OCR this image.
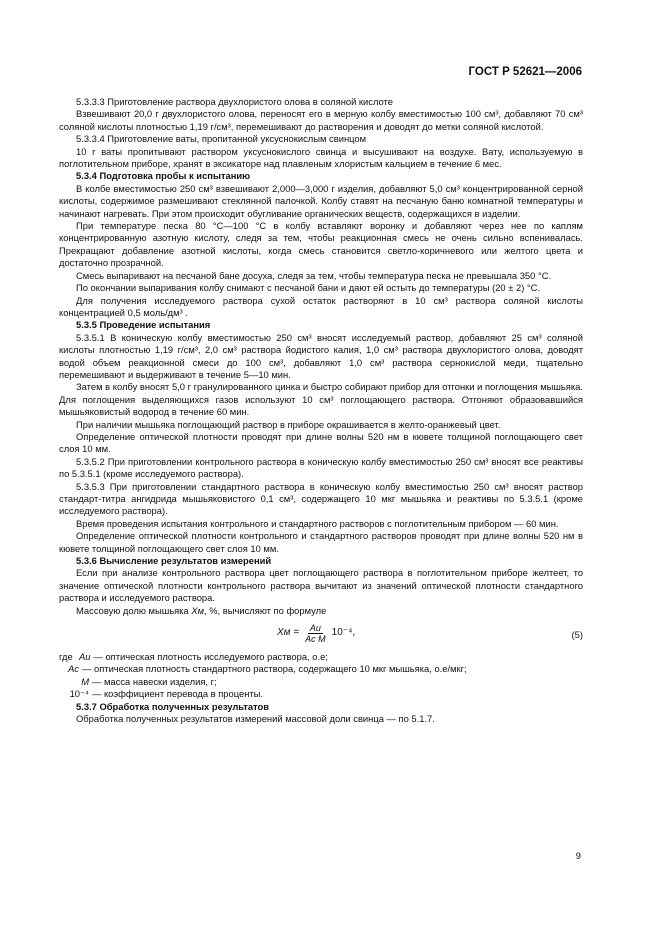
ГОСТ Р 52621—2006

5.3.3.3 Приготовление раствора двухлористого олова в соляной кислоте

Взвешивают 20,0 г двухлористого олова, переносят его в мерную колбу вместимостью 100 см³, добавляют 70 см³ соляной кислоты плотностью 1,19 г/см³, перемешивают до растворения и доводят до метки соляной кислотой.

5.3.3.4 Приготовление ваты, пропитанной уксуснокислым свинцом

10 г ваты пропитывают раствором уксуснокислого свинца и высушивают на воздухе. Вату, используемую в поглотительном приборе, хранят в эксикаторе над плавленым хлористым кальцием в течение 6 мес.

5.3.4 Подготовка пробы к испытанию

В колбе вместимостью 250 см³ взвешивают 2,000—3,000 г изделия, добавляют 5,0 см³ концентрированной серной кислоты, содержимое размешивают стеклянной палочкой. Колбу ставят на песчаную баню комнатной температуры и начинают нагревать. При этом происходит обугливание органических веществ, содержащихся в изделии.

При температуре песка 80 °С—100 °С в колбу вставляют воронку и добавляют через нее по каплям концентрированную азотную кислоту, следя за тем, чтобы реакционная смесь не очень сильно вспенивалась. Прекращают добавление азотной кислоты, когда смесь становится светло-коричневого или желтого цвета и достаточно прозрачной.

Смесь выпаривают на песчаной бане досуха, следя за тем, чтобы температура песка не превышала 350 °С.

По окончании выпаривания колбу снимают с песчаной бани и дают ей остыть до температуры (20 ± 2) °С.

Для получения исследуемого раствора сухой остаток растворяют в 10 см³ раствора соляной кислоты концентрацией 0,5 моль/дм³ .

5.3.5 Проведение испытания

5.3.5.1 В коническую колбу вместимостью 250 см³ вносят исследуемый раствор, добавляют 25 см³ соляной кислоты плотностью 1,19 г/см³, 2,0 см³ раствора йодистого калия, 1,0 см³ раствора двухлористого олова, доводят водой объем реакционной смеси до 100 см³, добавляют 1,0 см³ раствора сернокислой меди, тщательно перемешивают и выдерживают в течение 5—10 мин.

Затем в колбу вносят 5,0 г гранулированного цинка и быстро собирают прибор для отгонки и поглощения мышьяка. Для поглощения выделяющихся газов используют 10 см³ поглощающего раствора. Отгоняют образовавшийся мышьяковистый водород в течение 60 мин.

При наличии мышьяка поглощающий раствор в приборе окрашивается в желто-оранжевый цвет.

Определение оптической плотности проводят при длине волны 520 нм в кювете толщиной поглощающего свет слоя 10 мм.

5.3.5.2 При приготовлении контрольного раствора в коническую колбу вместимостью 250 см³ вносят все реактивы по 5.3.5.1 (кроме исследуемого раствора).

5.3.5.3 При приготовлении стандартного раствора в коническую колбу вместимостью 250 см³ вносят раствор стандарт-титра ангидрида мышьяковистого 0,1 см³, содержащего 10 мкг мышьяка и реактивы по 5.3.5.1 (кроме исследуемого раствора).

Время проведения испытания контрольного и стандартного растворов с поглотительным прибором — 60 мин.

Определение оптической плотности контрольного и стандартного растворов проводят при длине волны 520 нм в кювете толщиной поглощающего свет слоя 10 мм.

5.3.6 Вычисление результатов измерений

Если при анализе контрольного раствора цвет поглощающего раствора в поглотительном приборе желтеет, то значение оптической плотности контрольного раствора вычитают из значений оптической плотности стандартного раствора и исследуемого раствора.

Массовую долю мышьяка Xм, %, вычисляют по формуле

Xм = $\frac{Aи}{\text{Aс M}} 10^{-4}$,	(5)
где Aи — оптическая плотность исследуемого раствора, о.е;
Aс — оптическая плотность стандартного раствора, содержащего 10 мкг мышьяка, о.е/мкг;
M — масса навески изделия, г;
10⁻⁴ — коэффициент перевода в проценты.

5.3.7 Обработка полученных результатов

Обработка полученных результатов измерений массовой доли свинца — по 5.1.7.

9
